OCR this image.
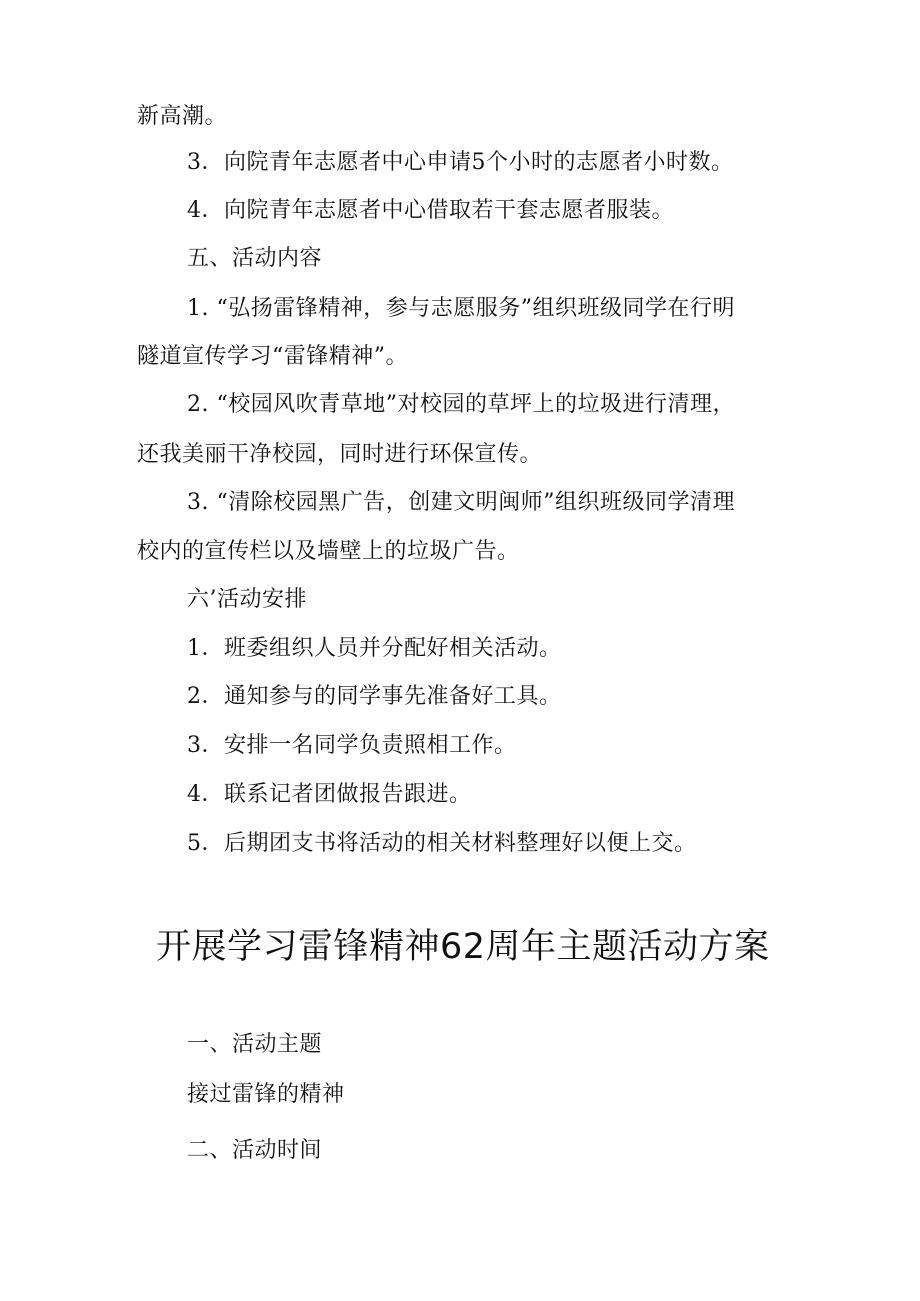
新高潮。
3．向院青年志愿者中心申请5个小时的志愿者小时数。
4．向院青年志愿者中心借取若干套志愿者服装。
五、活动内容
1. “弘扬雷锋精神，参与志愿服务”组织班级同学在行明
隧道宣传学习“雷锋精神”。
2. “校园风吹青草地”对校园的草坪上的垃圾进行清理，
还我美丽干净校园，同时进行环保宣传。
3. “清除校园黑广告，创建文明闽师”组织班级同学清理
校内的宣传栏以及墙壁上的垃圾广告。
六’活动安排
1．班委组织人员并分配好相关活动。
2．通知参与的同学事先准备好工具。
3．安排一名同学负责照相工作。
4．联系记者团做报告跟进。
5．后期团支书将活动的相关材料整理好以便上交。
开展学习雷锋精神62周年主题活动方案
一、活动主题
接过雷锋的精神
二、活动时间
